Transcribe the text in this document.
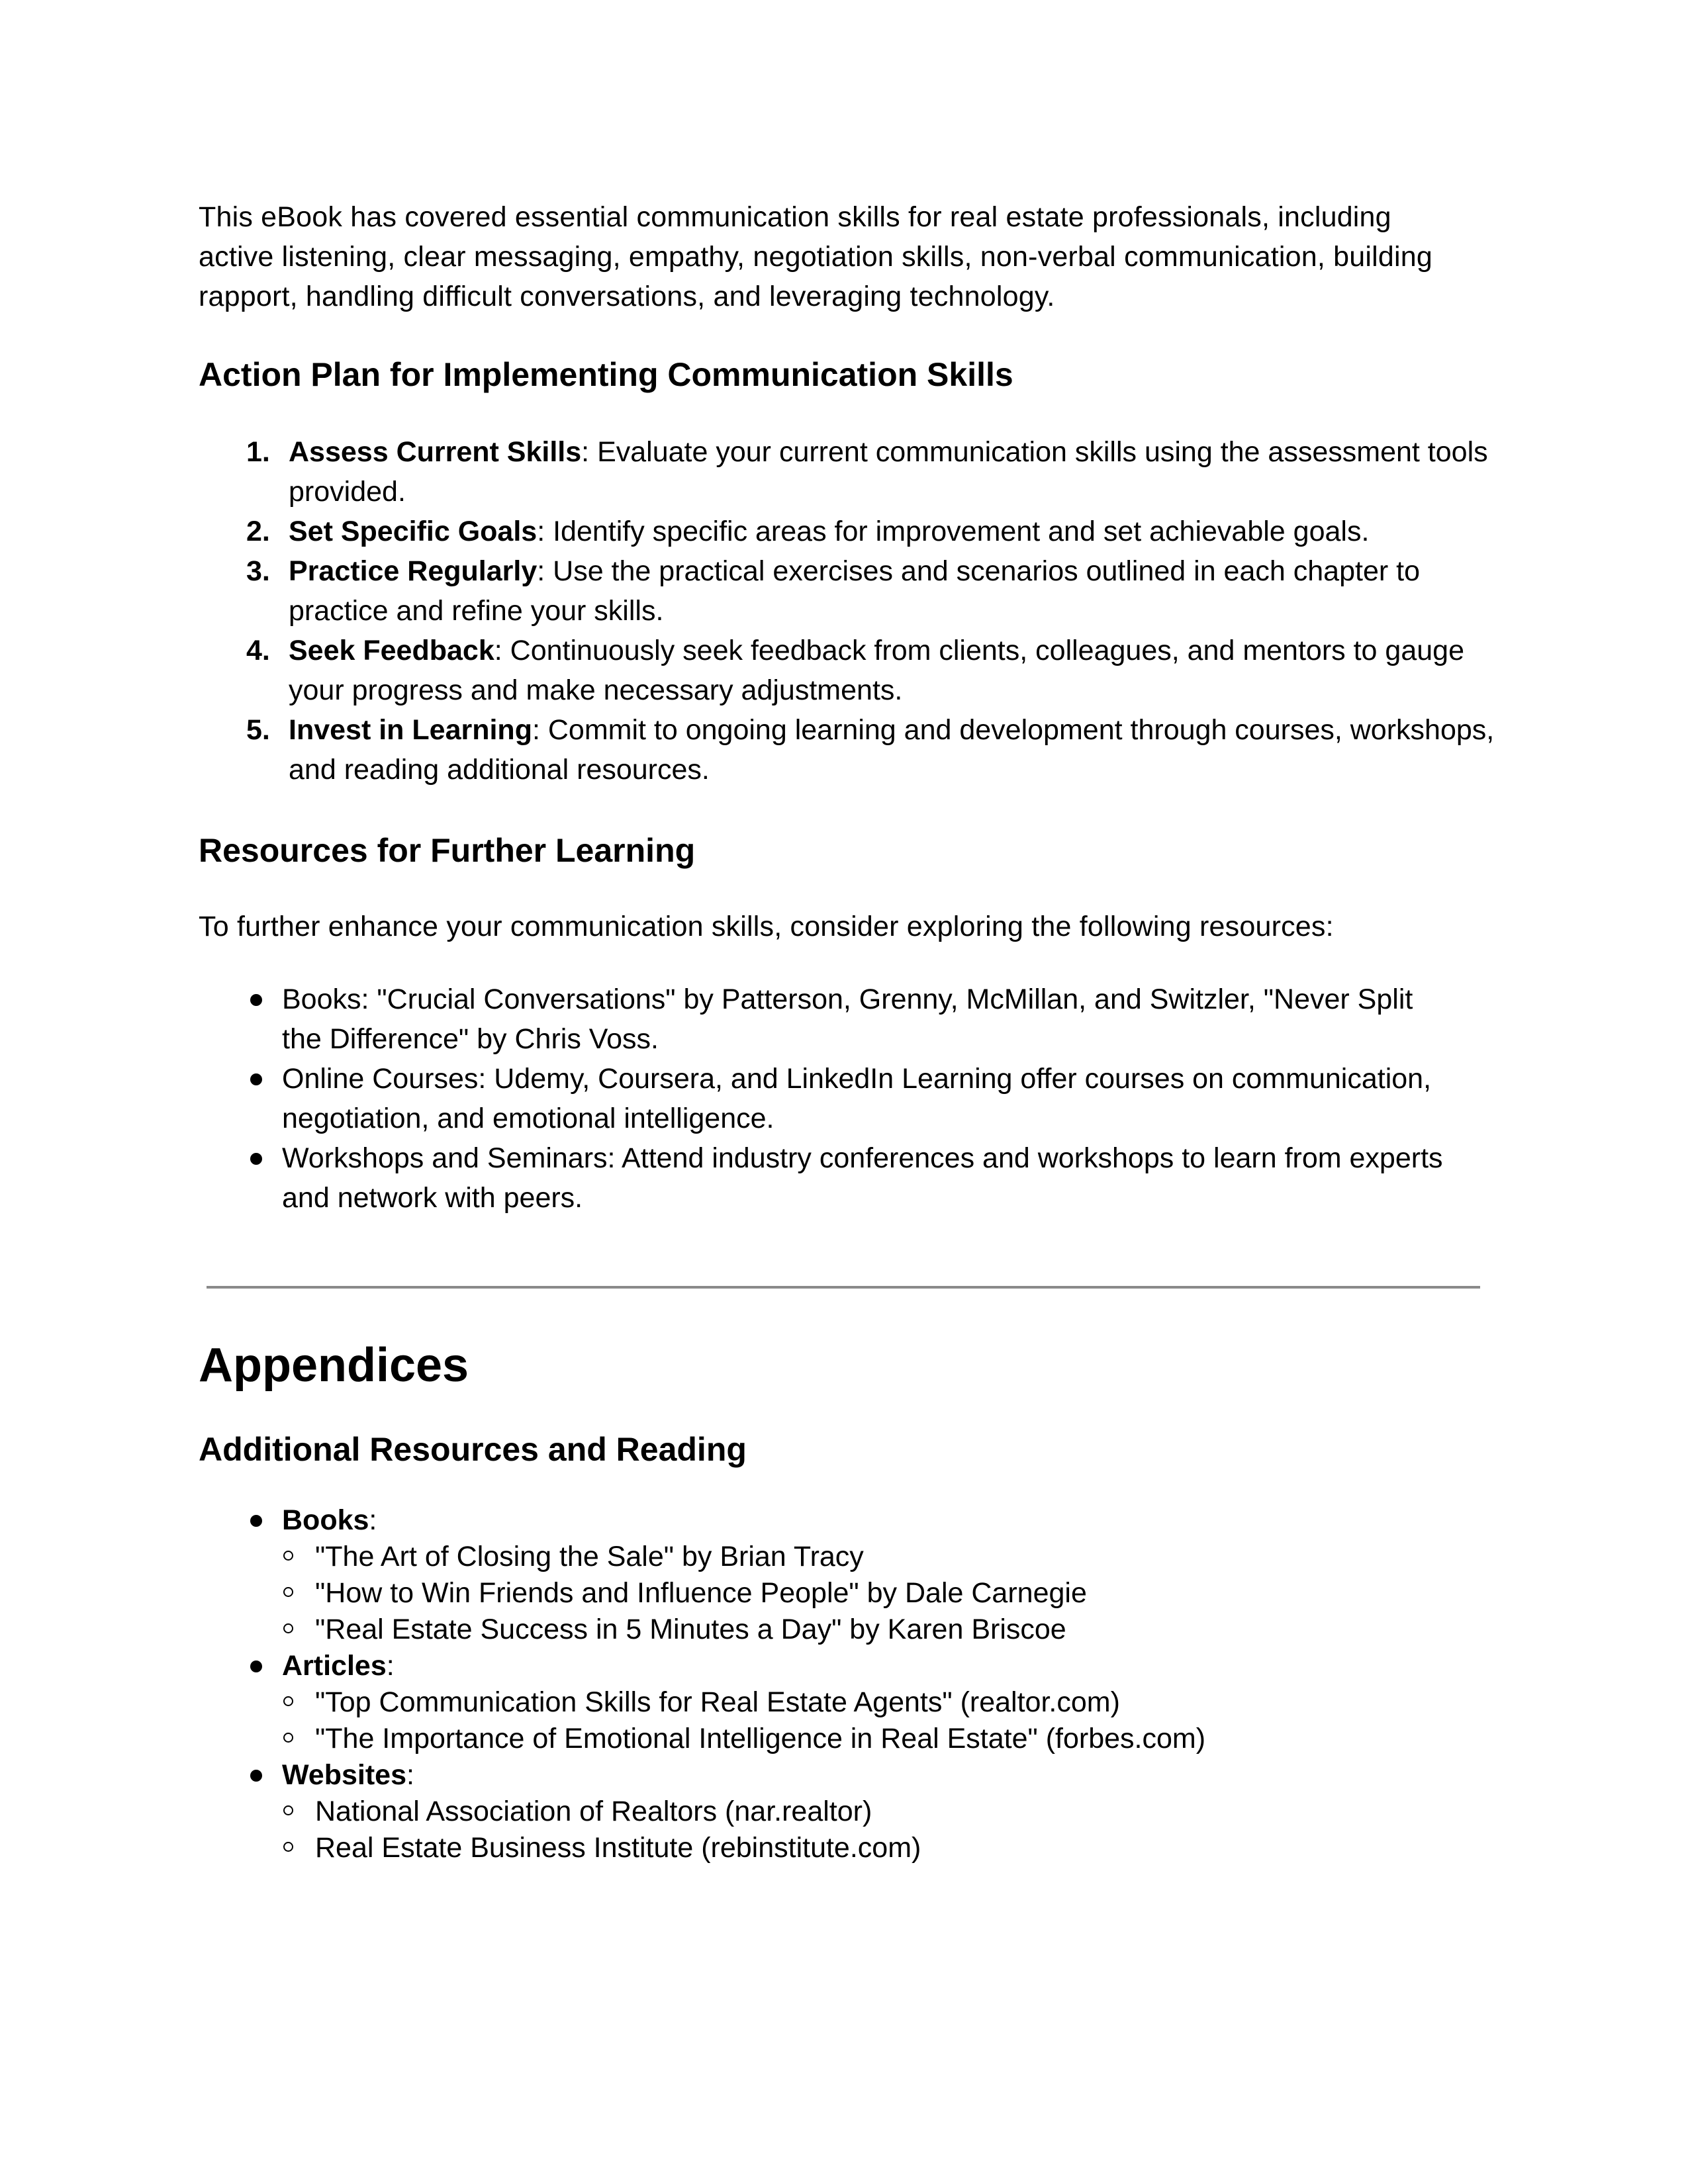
This eBook has covered essential communication skills for real estate professionals, including active listening, clear messaging, empathy, negotiation skills, non-verbal communication, building rapport, handling difficult conversations, and leveraging technology.

Action Plan for Implementing Communication Skills
1. Assess Current Skills: Evaluate your current communication skills using the assessment tools provided.
2. Set Specific Goals: Identify specific areas for improvement and set achievable goals.
3. Practice Regularly: Use the practical exercises and scenarios outlined in each chapter to practice and refine your skills.
4. Seek Feedback: Continuously seek feedback from clients, colleagues, and mentors to gauge your progress and make necessary adjustments.
5. Invest in Learning: Commit to ongoing learning and development through courses, workshops, and reading additional resources.
Resources for Further Learning

To further enhance your communication skills, consider exploring the following resources:

Books: "Crucial Conversations" by Patterson, Grenny, McMillan, and Switzler, "Never Split the Difference" by Chris Voss.
Online Courses: Udemy, Coursera, and LinkedIn Learning offer courses on communication, negotiation, and emotional intelligence.
Workshops and Seminars: Attend industry conferences and workshops to learn from experts and network with peers.
Appendices
Additional Resources and Reading
Books:
"The Art of Closing the Sale" by Brian Tracy
"How to Win Friends and Influence People" by Dale Carnegie
"Real Estate Success in 5 Minutes a Day" by Karen Briscoe
Articles:
"Top Communication Skills for Real Estate Agents" (realtor.com)
"The Importance of Emotional Intelligence in Real Estate" (forbes.com)
Websites:
National Association of Realtors (nar.realtor)
Real Estate Business Institute (rebinstitute.com)
